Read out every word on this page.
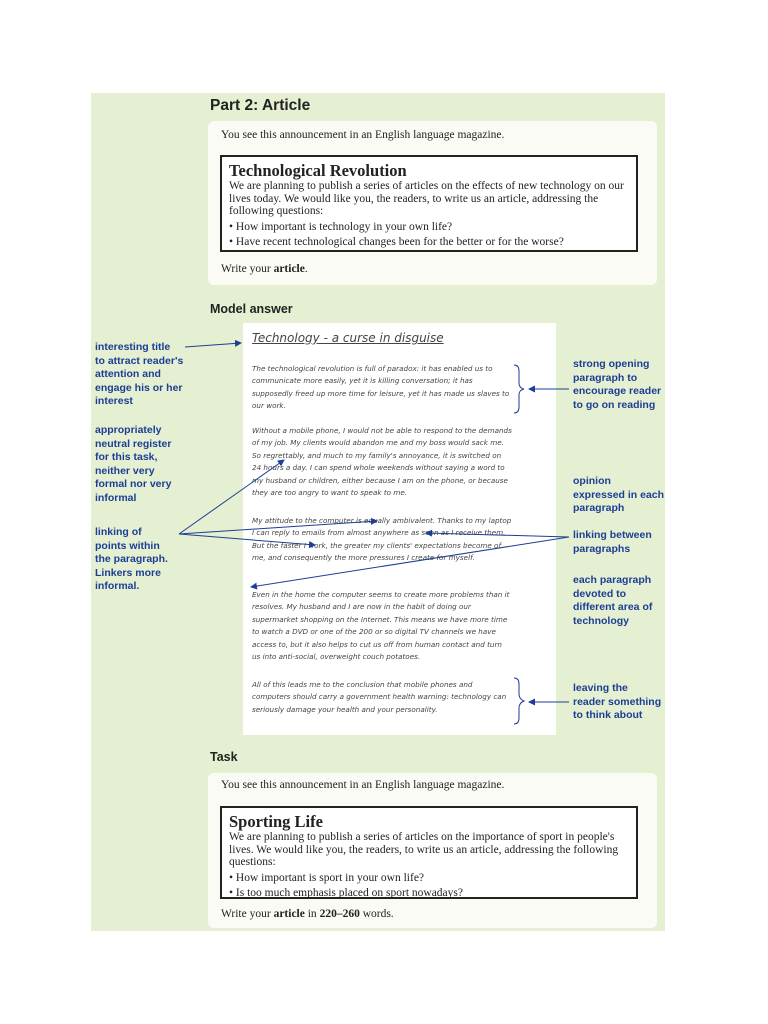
Part 2: Article
You see this announcement in an English language magazine.
Technological Revolution

We are planning to publish a series of articles on the effects of new technology on our lives today. We would like you, the readers, to write us an article, addressing the following questions:

• How important is technology in your own life?
• Have recent technological changes been for the better or for the worse?
Write your article.
Model answer
Technology - a curse in disguise

The technological revolution is full of paradox: it has enabled us to communicate more easily, yet it is killing conversation; it has supposedly freed up more time for leisure, yet it has made us slaves to our work.

Without a mobile phone, I would not be able to respond to the demands of my job. My clients would abandon me and my boss would sack me. So regrettably, and much to my family's annoyance, it is switched on 24 hours a day. I can spend whole weekends without saying a word to my husband or children, either because I am on the phone, or because they are too angry to want to speak to me.

My attitude to the computer is equally ambivalent. Thanks to my laptop I can reply to emails from almost anywhere as soon as I receive them. But the faster I work, the greater my clients' expectations become of me, and consequently the more pressures I create for myself.

Even in the home the computer seems to create more problems than it resolves. My husband and I are now in the habit of doing our supermarket shopping on the Internet. This means we have more time to watch a DVD or one of the 200 or so digital TV channels we have access to, but it also helps to cut us off from human contact and turn us into anti-social, overweight couch potatoes.

All of this leads me to the conclusion that mobile phones and computers should carry a government health warning: technology can seriously damage your health and your personality.

interesting title
to attract reader's
attention and
engage his or her
interest
appropriately
neutral register
for this task,
neither very
formal nor very
informal
linking of
points within
the paragraph.
Linkers more
informal.
strong opening
paragraph to
encourage reader
to go on reading
opinion
expressed in each
paragraph
linking between
paragraphs
each paragraph
devoted to
different area of
technology
leaving the
reader something
to think about
Task
You see this announcement in an English language magazine.
Sporting Life

We are planning to publish a series of articles on the importance of sport in people's lives. We would like you, the readers, to write us an article, addressing the following questions:

• How important is sport in your own life?
• Is too much emphasis placed on sport nowadays?
Write your article in 220–260 words.
